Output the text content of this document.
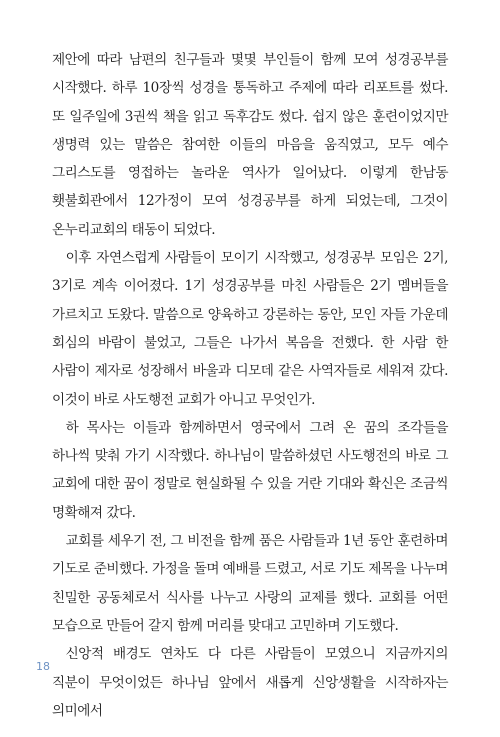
제안에 따라 남편의 친구들과 몇몇 부인들이 함께 모여 성경공부를 시작했다. 하루 10장씩 성경을 통독하고 주제에 따라 리포트를 썼다. 또 일주일에 3권씩 책을 읽고 독후감도 썼다. 쉽지 않은 훈련이었지만 생명력 있는 말씀은 참여한 이들의 마음을 움직였고, 모두 예수 그리스도를 영접하는 놀라운 역사가 일어났다. 이렇게 한남동 횃불회관에서 12가정이 모여 성경공부를 하게 되었는데, 그것이 온누리교회의 태동이 되었다.

이후 자연스럽게 사람들이 모이기 시작했고, 성경공부 모임은 2기, 3기로 계속 이어졌다. 1기 성경공부를 마친 사람들은 2기 멤버들을 가르치고 도왔다. 말씀으로 양육하고 강론하는 동안, 모인 자들 가운데 회심의 바람이 불었고, 그들은 나가서 복음을 전했다. 한 사람 한 사람이 제자로 성장해서 바울과 디모데 같은 사역자들로 세워져 갔다. 이것이 바로 사도행전 교회가 아니고 무엇인가.

하 목사는 이들과 함께하면서 영국에서 그려 온 꿈의 조각들을 하나씩 맞춰 가기 시작했다. 하나님이 말씀하셨던 사도행전의 바로 그 교회에 대한 꿈이 정말로 현실화될 수 있을 거란 기대와 확신은 조금씩 명확해져 갔다.

교회를 세우기 전, 그 비전을 함께 품은 사람들과 1년 동안 훈련하며 기도로 준비했다. 가정을 돌며 예배를 드렸고, 서로 기도 제목을 나누며 친밀한 공동체로서 식사를 나누고 사랑의 교제를 했다. 교회를 어떤 모습으로 만들어 갈지 함께 머리를 맞대고 고민하며 기도했다.

신앙적 배경도 연차도 다 다른 사람들이 모였으니 지금까지의 직분이 무엇이었든 하나님 앞에서 새롭게 신앙생활을 시작하자는 의미에서

18
